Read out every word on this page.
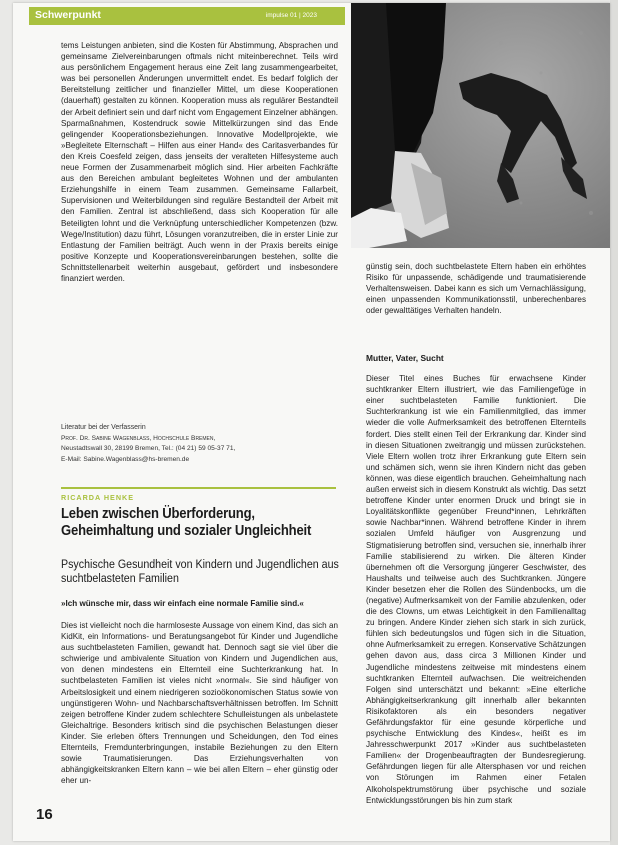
Schwerpunkt	impulse 01 | 2023

tems Leistungen anbieten, sind die Kosten für Abstimmung, Absprachen und gemeinsame Zielvereinbarungen oftmals nicht miteinberechnet. Teils wird aus persönlichem Engagement heraus eine Zeit lang zusammengearbeitet, was bei personellen Änderungen unvermittelt endet. Es bedarf folglich der Bereitstellung zeitlicher und finanzieller Mittel, um diese Kooperationen (dauerhaft) gestalten zu können. Kooperation muss als regulärer Bestandteil der Arbeit definiert sein und darf nicht vom Engagement Einzelner abhängen. Sparmaßnahmen, Kostendruck sowie Mittelkürzungen sind das Ende gelingender Kooperationsbeziehungen. Innovative Modellprojekte, wie »Begleitete Elternschaft – Hilfen aus einer Hand« des Caritasverbandes für den Kreis Coesfeld zeigen, dass jenseits der veralteten Hilfesysteme auch neue Formen der Zusammenarbeit möglich sind. Hier arbeiten Fachkräfte aus den Bereichen ambulant begleitetes Wohnen und der ambulanten Erziehungshilfe in einem Team zusammen. Gemeinsame Fallarbeit, Supervisionen und Weiterbildungen sind reguläre Bestandteil der Arbeit mit den Familien. Zentral ist abschließend, dass sich Kooperation für alle Beteiligten lohnt und die Verknüpfung unterschiedlicher Kompetenzen (bzw. Wege/Institution) dazu führt, Lösungen voranzutreiben, die in erster Linie zur Entlastung der Familien beiträgt. Auch wenn in der Praxis bereits einige positive Konzepte und Kooperationsvereinbarungen bestehen, sollte die Schnittstellenarbeit weiterhin ausgebaut, gefördert und insbesondere finanziert werden.

Literatur bei der Verfasserin
Prof. Dr. Sabine Wagenblass, Hochschule Bremen,
Neustadtswall 30, 28199 Bremen, Tel.: (04 21) 59 05-37 71,
E-Mail: Sabine.Wagenblass@hs-bremen.de
RICARDA HENKE
Leben zwischen Überforderung, Geheimhaltung und sozialer Ungleichheit
Psychische Gesundheit von Kindern und Jugendlichen aus suchtbelasteten Familien
»Ich wünsche mir, dass wir einfach eine normale Familie sind.«

Dies ist vielleicht noch die harmloseste Aussage von einem Kind, das sich an KidKit, ein Informations- und Beratungsangebot für Kinder und Jugendliche aus suchtbelasteten Familien, gewandt hat. Dennoch sagt sie viel über die schwierige und ambivalente Situation von Kindern und Jugendlichen aus, von denen mindestens ein Elternteil eine Suchterkrankung hat. In suchtbelasteten Familien ist vieles nicht »normal«. Sie sind häufiger von Arbeitslosigkeit und einem niedrigeren sozioökonomischen Status sowie von ungünstigeren Wohn- und Nachbarschaftsverhältnissen betroffen. Im Schnitt zeigen betroffene Kinder zudem schlechtere Schulleistungen als unbelastete Gleichaltrige. Besonders kritisch sind die psychischen Belastungen dieser Kinder. Sie erleben öfters Trennungen und Scheidungen, den Tod eines Elternteils, Fremdunterbringungen, instabile Beziehungen zu den Eltern sowie Traumatisierungen. Das Erziehungsverhalten von abhängigkeitskranken Eltern kann – wie bei allen Eltern – eher günstig oder eher un-

günstig sein, doch suchtbelastete Eltern haben ein erhöhtes Risiko für unpassende, schädigende und traumatisierende Verhaltensweisen. Dabei kann es sich um Vernachlässigung, einen unpassenden Kommunikationsstil, unberechenbares oder gewalttätiges Verhalten handeln.

Mutter, Vater, Sucht

Dieser Titel eines Buches für erwachsene Kinder suchtkranker Eltern illustriert, wie das Familiengefüge in einer suchtbelasteten Familie funktioniert. Die Suchterkrankung ist wie ein Familienmitglied, das immer wieder die volle Aufmerksamkeit des betroffenen Elternteils fordert. Dies stellt einen Teil der Erkrankung dar. Kinder sind in diesen Situationen zweitrangig und müssen zurückstehen. Viele Eltern wollen trotz ihrer Erkrankung gute Eltern sein und schämen sich, wenn sie ihren Kindern nicht das geben können, was diese eigentlich brauchen. Geheimhaltung nach außen erweist sich in diesem Konstrukt als wichtig. Das setzt betroffene Kinder unter enormen Druck und bringt sie in Loyalitätskonflikte gegenüber Freund*innen, Lehrkräften sowie Nachbar*innen. Während betroffene Kinder in ihrem sozialen Umfeld häufiger von Ausgrenzung und Stigmatisierung betroffen sind, versuchen sie, innerhalb ihrer Familie stabilisierend zu wirken. Die älteren Kinder übernehmen oft die Versorgung jüngerer Geschwister, des Haushalts und teilweise auch des Suchtkranken. Jüngere Kinder besetzen eher die Rollen des Sündenbocks, um die (negative) Aufmerksamkeit von der Familie abzulenken, oder die des Clowns, um etwas Leichtigkeit in den Familienalltag zu bringen. Andere Kinder ziehen sich stark in sich zurück, fühlen sich bedeutungslos und fügen sich in die Situation, ohne Aufmerksamkeit zu erregen. Konservative Schätzungen gehen davon aus, dass circa 3 Millionen Kinder und Jugendliche mindestens zeitweise mit mindestens einem suchtkranken Elternteil aufwachsen. Die weitreichenden Folgen sind unterschätzt und bekannt: »Eine elterliche Abhängigkeitserkrankung gilt innerhalb aller bekannten Risikofaktoren als ein besonders negativer Gefährdungsfaktor für eine gesunde körperliche und psychische Entwicklung des Kindes«, heißt es im Jahresschwerpunkt 2017 »Kinder aus suchtbelasteten Familien« der Drogenbeauftragten der Bundesregierung. Gefährdungen liegen für alle Altersphasen vor und reichen von Störungen im Rahmen einer Fetalen Alkoholspektrumstörung über psychische und soziale Entwicklungsstörungen bis hin zum stark

16
